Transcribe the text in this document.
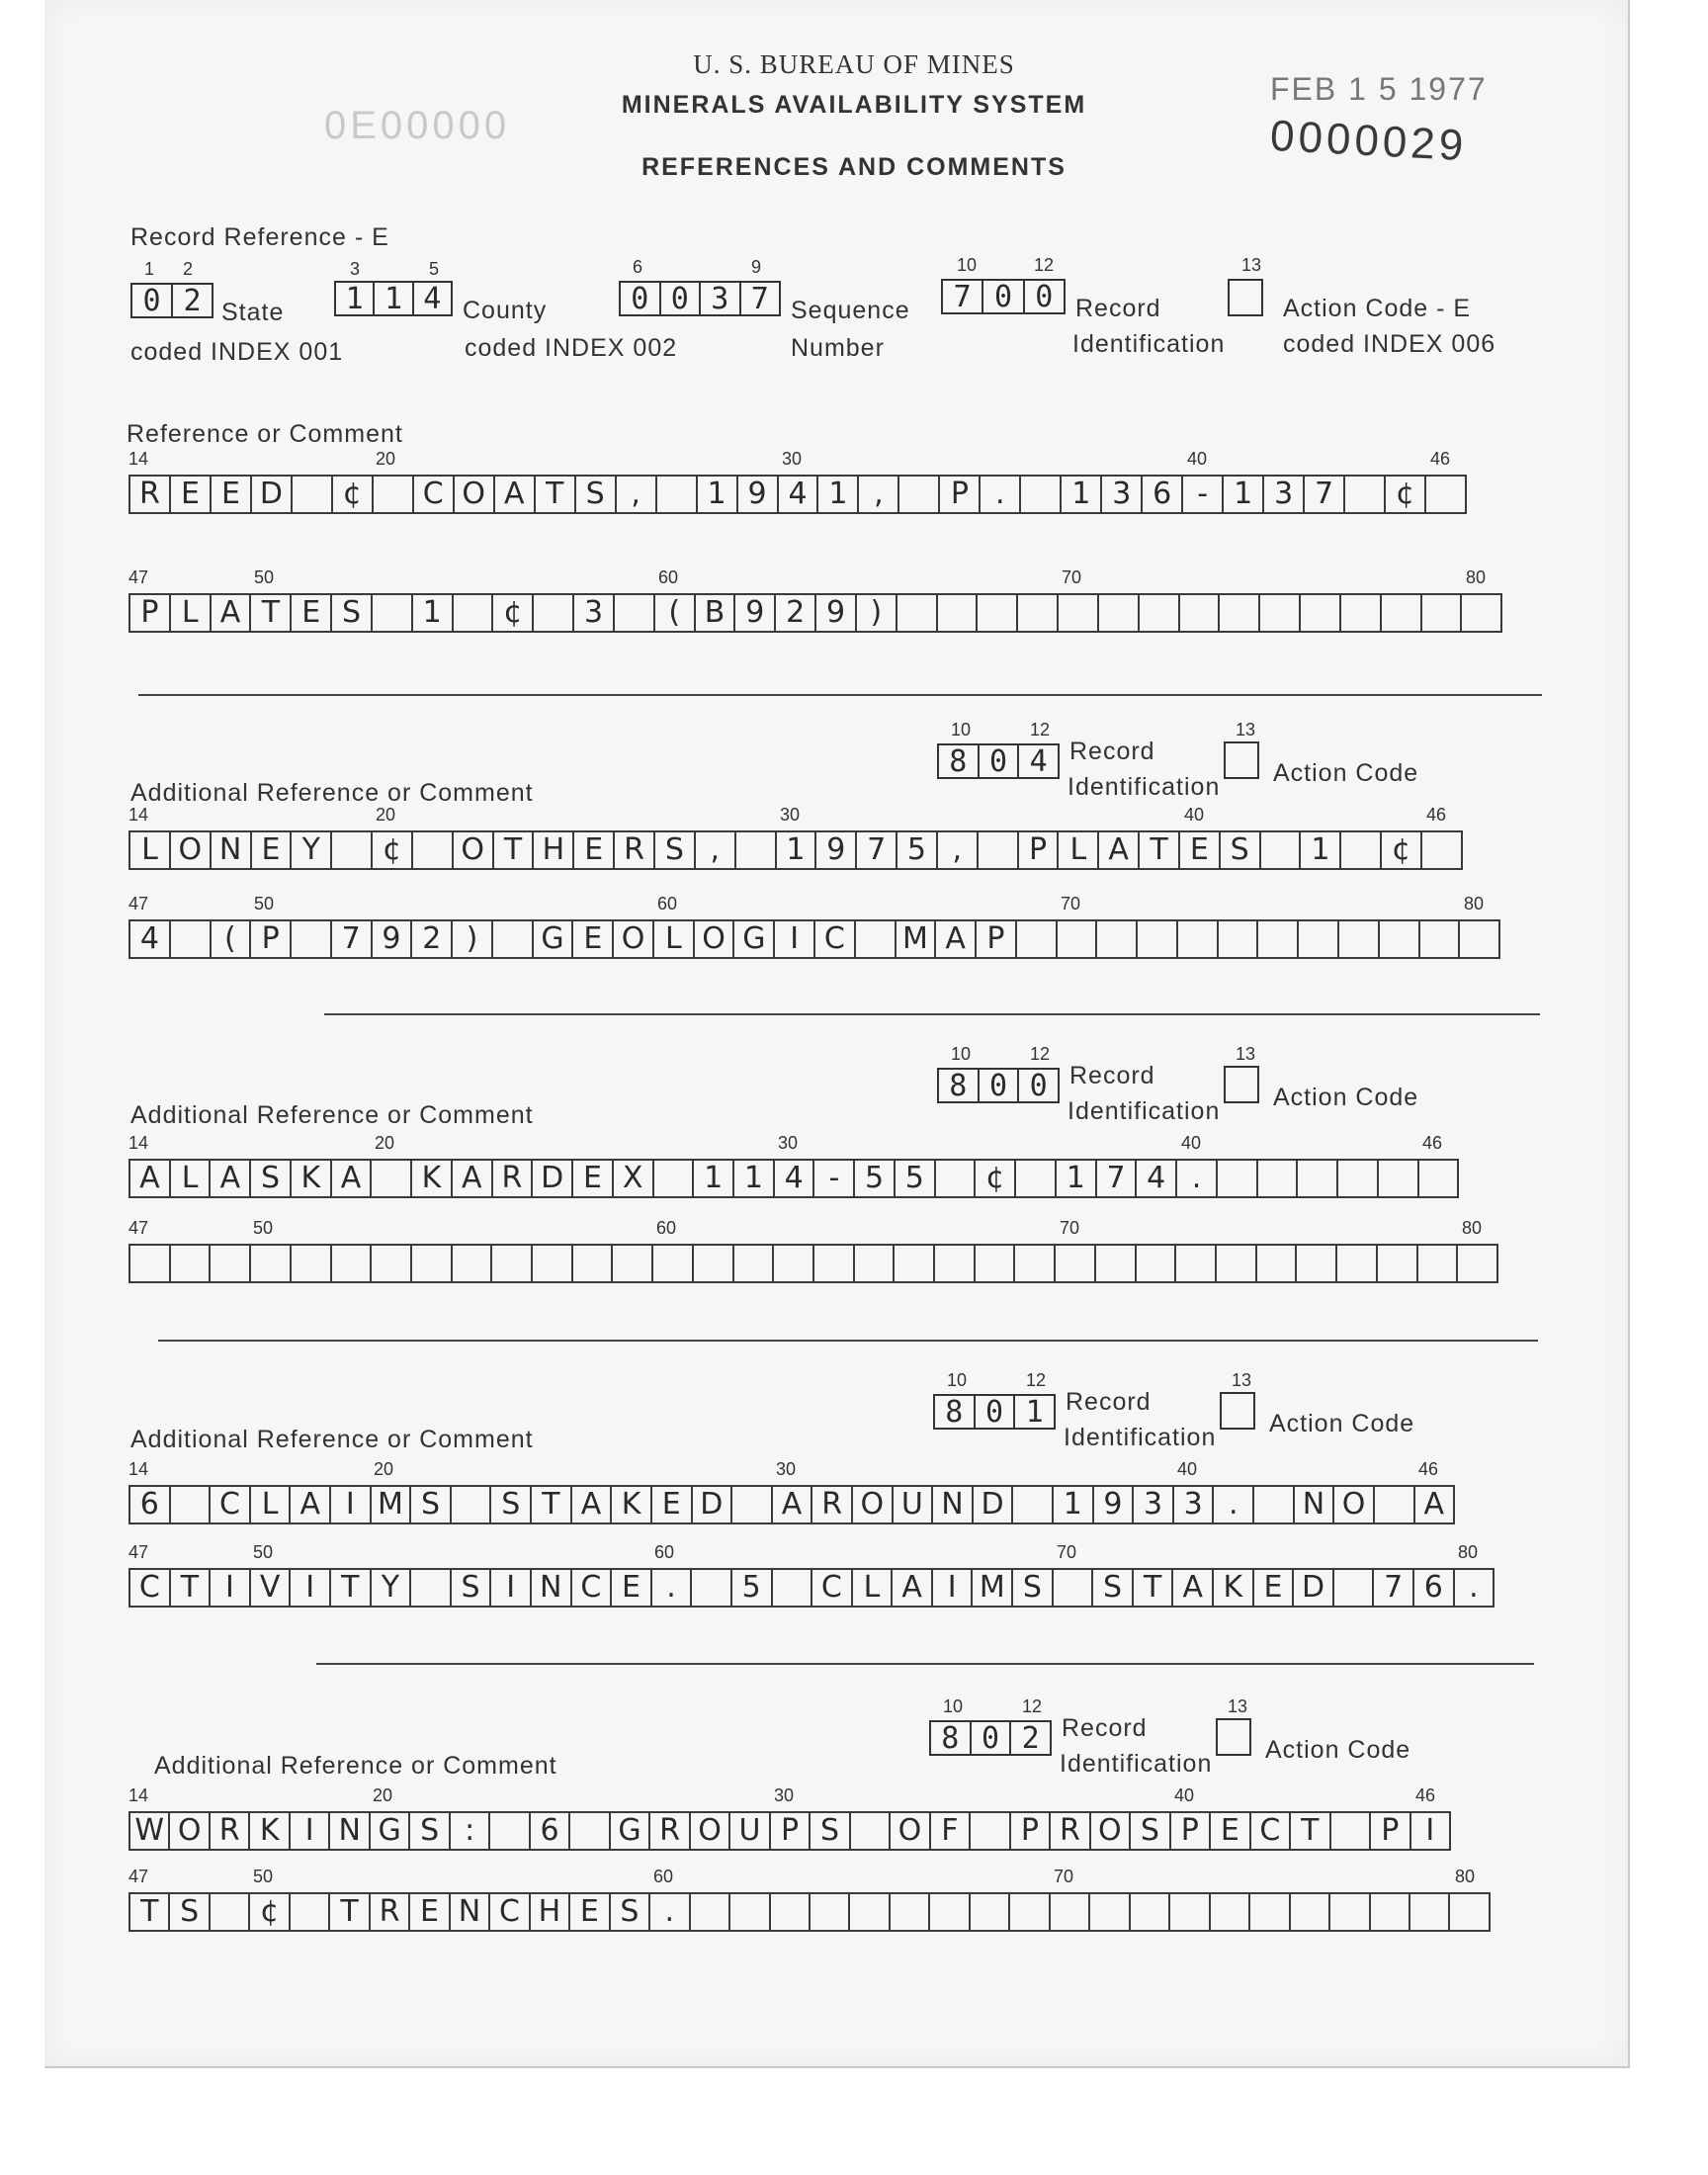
U. S. BUREAU OF MINES
MINERALS AVAILABILITY SYSTEM
REFERENCES AND COMMENTS
0E00000
FEB 1 5 1977
0000029
Record Reference - E
1 2
0 2 State
coded INDEX 001
3	5
1 1 4 County
coded INDEX 002
6	9
0 0 3 7 Sequence
Number
10	12
7 0 0 Record
Identification
13
Action Code - E
coded INDEX 006
Reference or Comment
14	20	30	40	46
R E E D	¢	C O A T S ,	1 9 4 1 ,	P .	1 3 6 - 1 3 7	¢
47	50	60	70	80
P L A T E S	1	¢	3	( B 9 2 9 )
Additional Reference or Comment
10	12
8 0 4 Record
Identification
13
Action Code
14	20	30	40	46
L O N E Y	¢	O T H E R S ,	1 9 7 5 ,	P L A T E S	1	¢
47	50	60	70	80
4	( P	7 9 2 )	G E O L O G I C M A P
Additional Reference or Comment
10	12
8 0 0 Record
Identification
13
Action Code
14	20	30	40	46
A L A S K A	K A R D E X	1 1 4 - 5 5	¢	1 7 4 .
47	50	60	70	80
Additional Reference or Comment
10	12
8 0 1 Record
Identification
13
Action Code
14	20	30	40	46
6	C L A I M S	S T A K E D	A R O U N D	1 9 3 3 .	N O	A
47	50	60	70	80
C T I V I T Y	S I N C E .	5	C L A I M S	S T A K E D	7 6 .
Additional Reference or Comment
10	12
8 0 2 Record
Identification
13
Action Code
14	20	30	40	46
W O R K I N G S :	6	G R O U P S	O F	P R O S P E C T	P I
47	50	60	70	80
T S	¢	T R E N C H E S .
